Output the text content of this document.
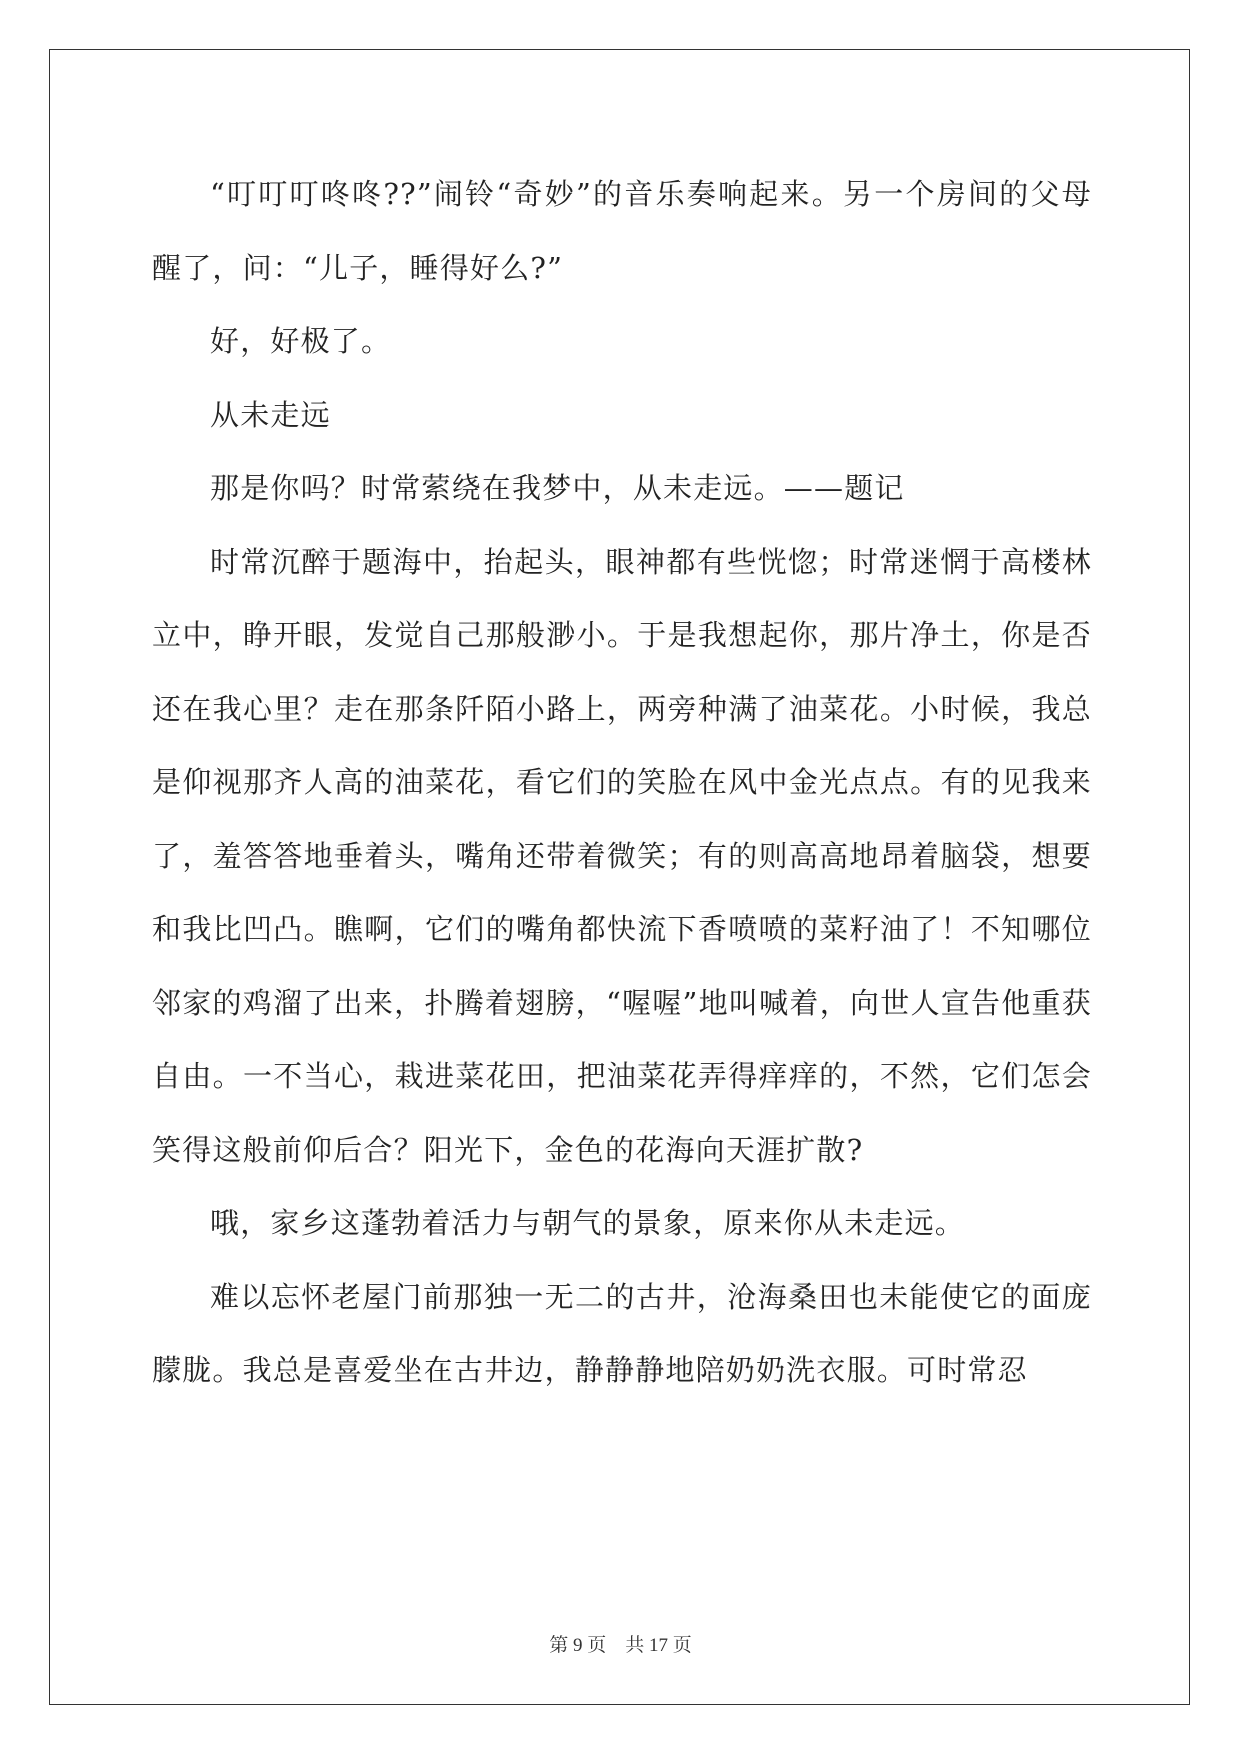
“叮叮叮咚咚??”闹铃“奇妙”的音乐奏响起来。另一个房间的父母醒了，问：“儿子，睡得好么?”

好，好极了。

从未走远

那是你吗？时常萦绕在我梦中，从未走远。——题记

时常沉醉于题海中，抬起头，眼神都有些恍惚；时常迷惘于高楼林立中，睁开眼，发觉自己那般渺小。于是我想起你，那片净土，你是否还在我心里？走在那条阡陌小路上，两旁种满了油菜花。小时候，我总是仰视那齐人高的油菜花，看它们的笑脸在风中金光点点。有的见我来了，羞答答地垂着头，嘴角还带着微笑；有的则高高地昂着脑袋，想要和我比凹凸。瞧啊，它们的嘴角都快流下香喷喷的菜籽油了！不知哪位邻家的鸡溜了出来，扑腾着翅膀，“喔喔”地叫喊着，向世人宣告他重获自由。一不当心，栽进菜花田，把油菜花弄得痒痒的，不然，它们怎会笑得这般前仰后合？阳光下，金色的花海向天涯扩散?

哦，家乡这蓬勃着活力与朝气的景象，原来你从未走远。

难以忘怀老屋门前那独一无二的古井，沧海桑田也未能使它的面庞朦胧。我总是喜爱坐在古井边，静静静地陪奶奶洗衣服。可时常忍

第 9 页    共 17 页
